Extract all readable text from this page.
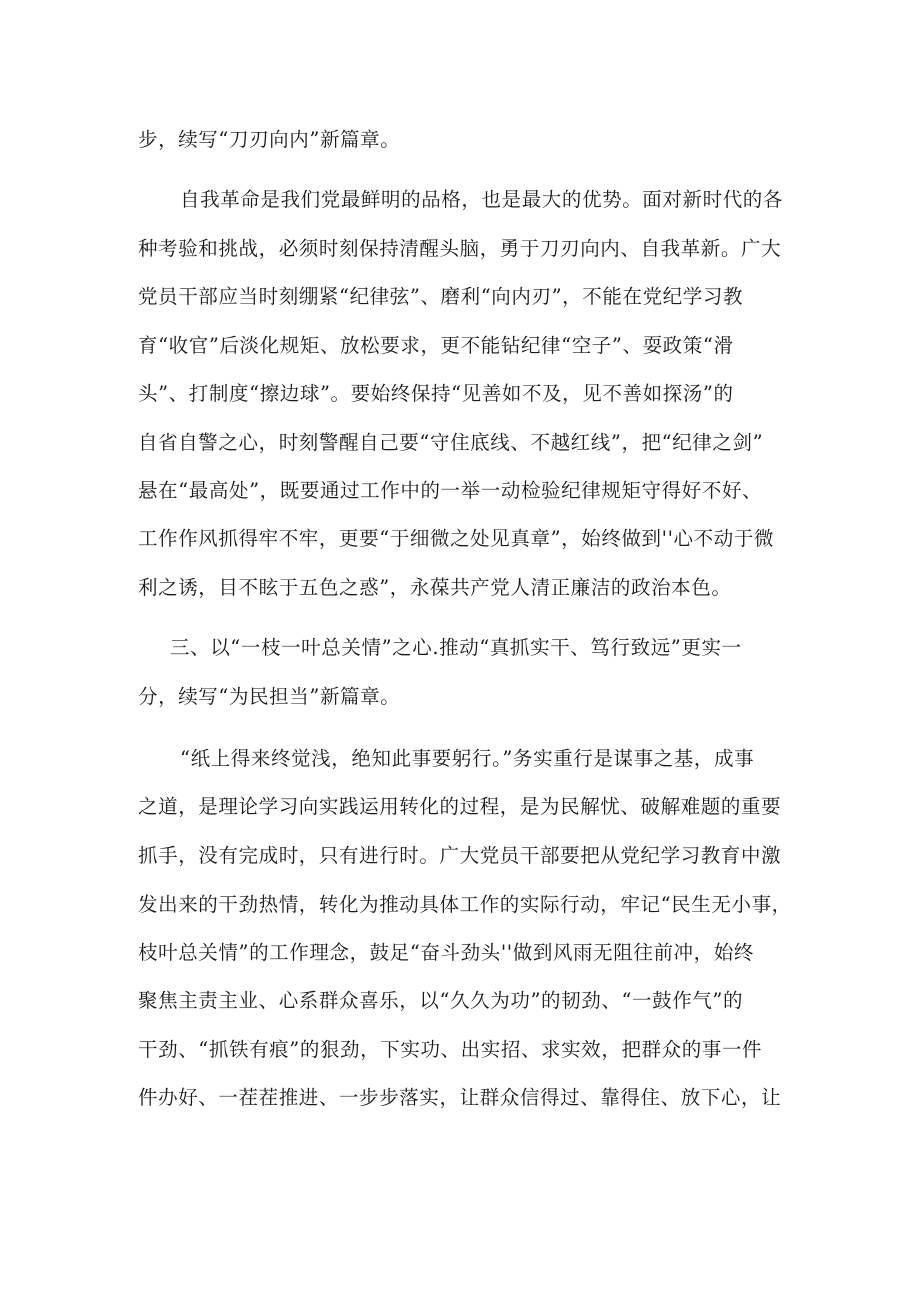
步，续写“刀刃向内”新篇章。
自我革命是我们党最鲜明的品格，也是最大的优势。面对新时代的各
种考验和挑战，必须时刻保持清醒头脑，勇于刀刃向内、自我革新。广大
党员干部应当时刻绷紧“纪律弦”、磨利“向内刃”，不能在党纪学习教
育“收官”后淡化规矩、放松要求，更不能钻纪律“空子”、耍政策“滑
头”、打制度“擦边球”。要始终保持“见善如不及，见不善如探汤”的
自省自警之心，时刻警醒自己要“守住底线、不越红线”，把“纪律之剑”
悬在“最高处”，既要通过工作中的一举一动检验纪律规矩守得好不好、
工作作风抓得牢不牢，更要“于细微之处见真章”，始终做到''心不动于微
利之诱，目不眩于五色之惑”，永葆共产党人清正廉洁的政治本色。
三、以“一枝一叶总关情”之心.推动“真抓实干、笃行致远”更实一
分，续写“为民担当”新篇章。
“纸上得来终觉浅，绝知此事要躬行。”务实重行是谋事之基，成事
之道，是理论学习向实践运用转化的过程，是为民解忧、破解难题的重要
抓手，没有完成时，只有进行时。广大党员干部要把从党纪学习教育中激
发出来的干劲热情，转化为推动具体工作的实际行动，牢记“民生无小事，
枝叶总关情”的工作理念，鼓足“奋斗劲头''做到风雨无阻往前冲，始终
聚焦主责主业、心系群众喜乐，以“久久为功”的韧劲、“一鼓作气”的
干劲、“抓铁有痕”的狠劲，下实功、出实招、求实效，把群众的事一件
件办好、一茬茬推进、一步步落实，让群众信得过、靠得住、放下心，让
